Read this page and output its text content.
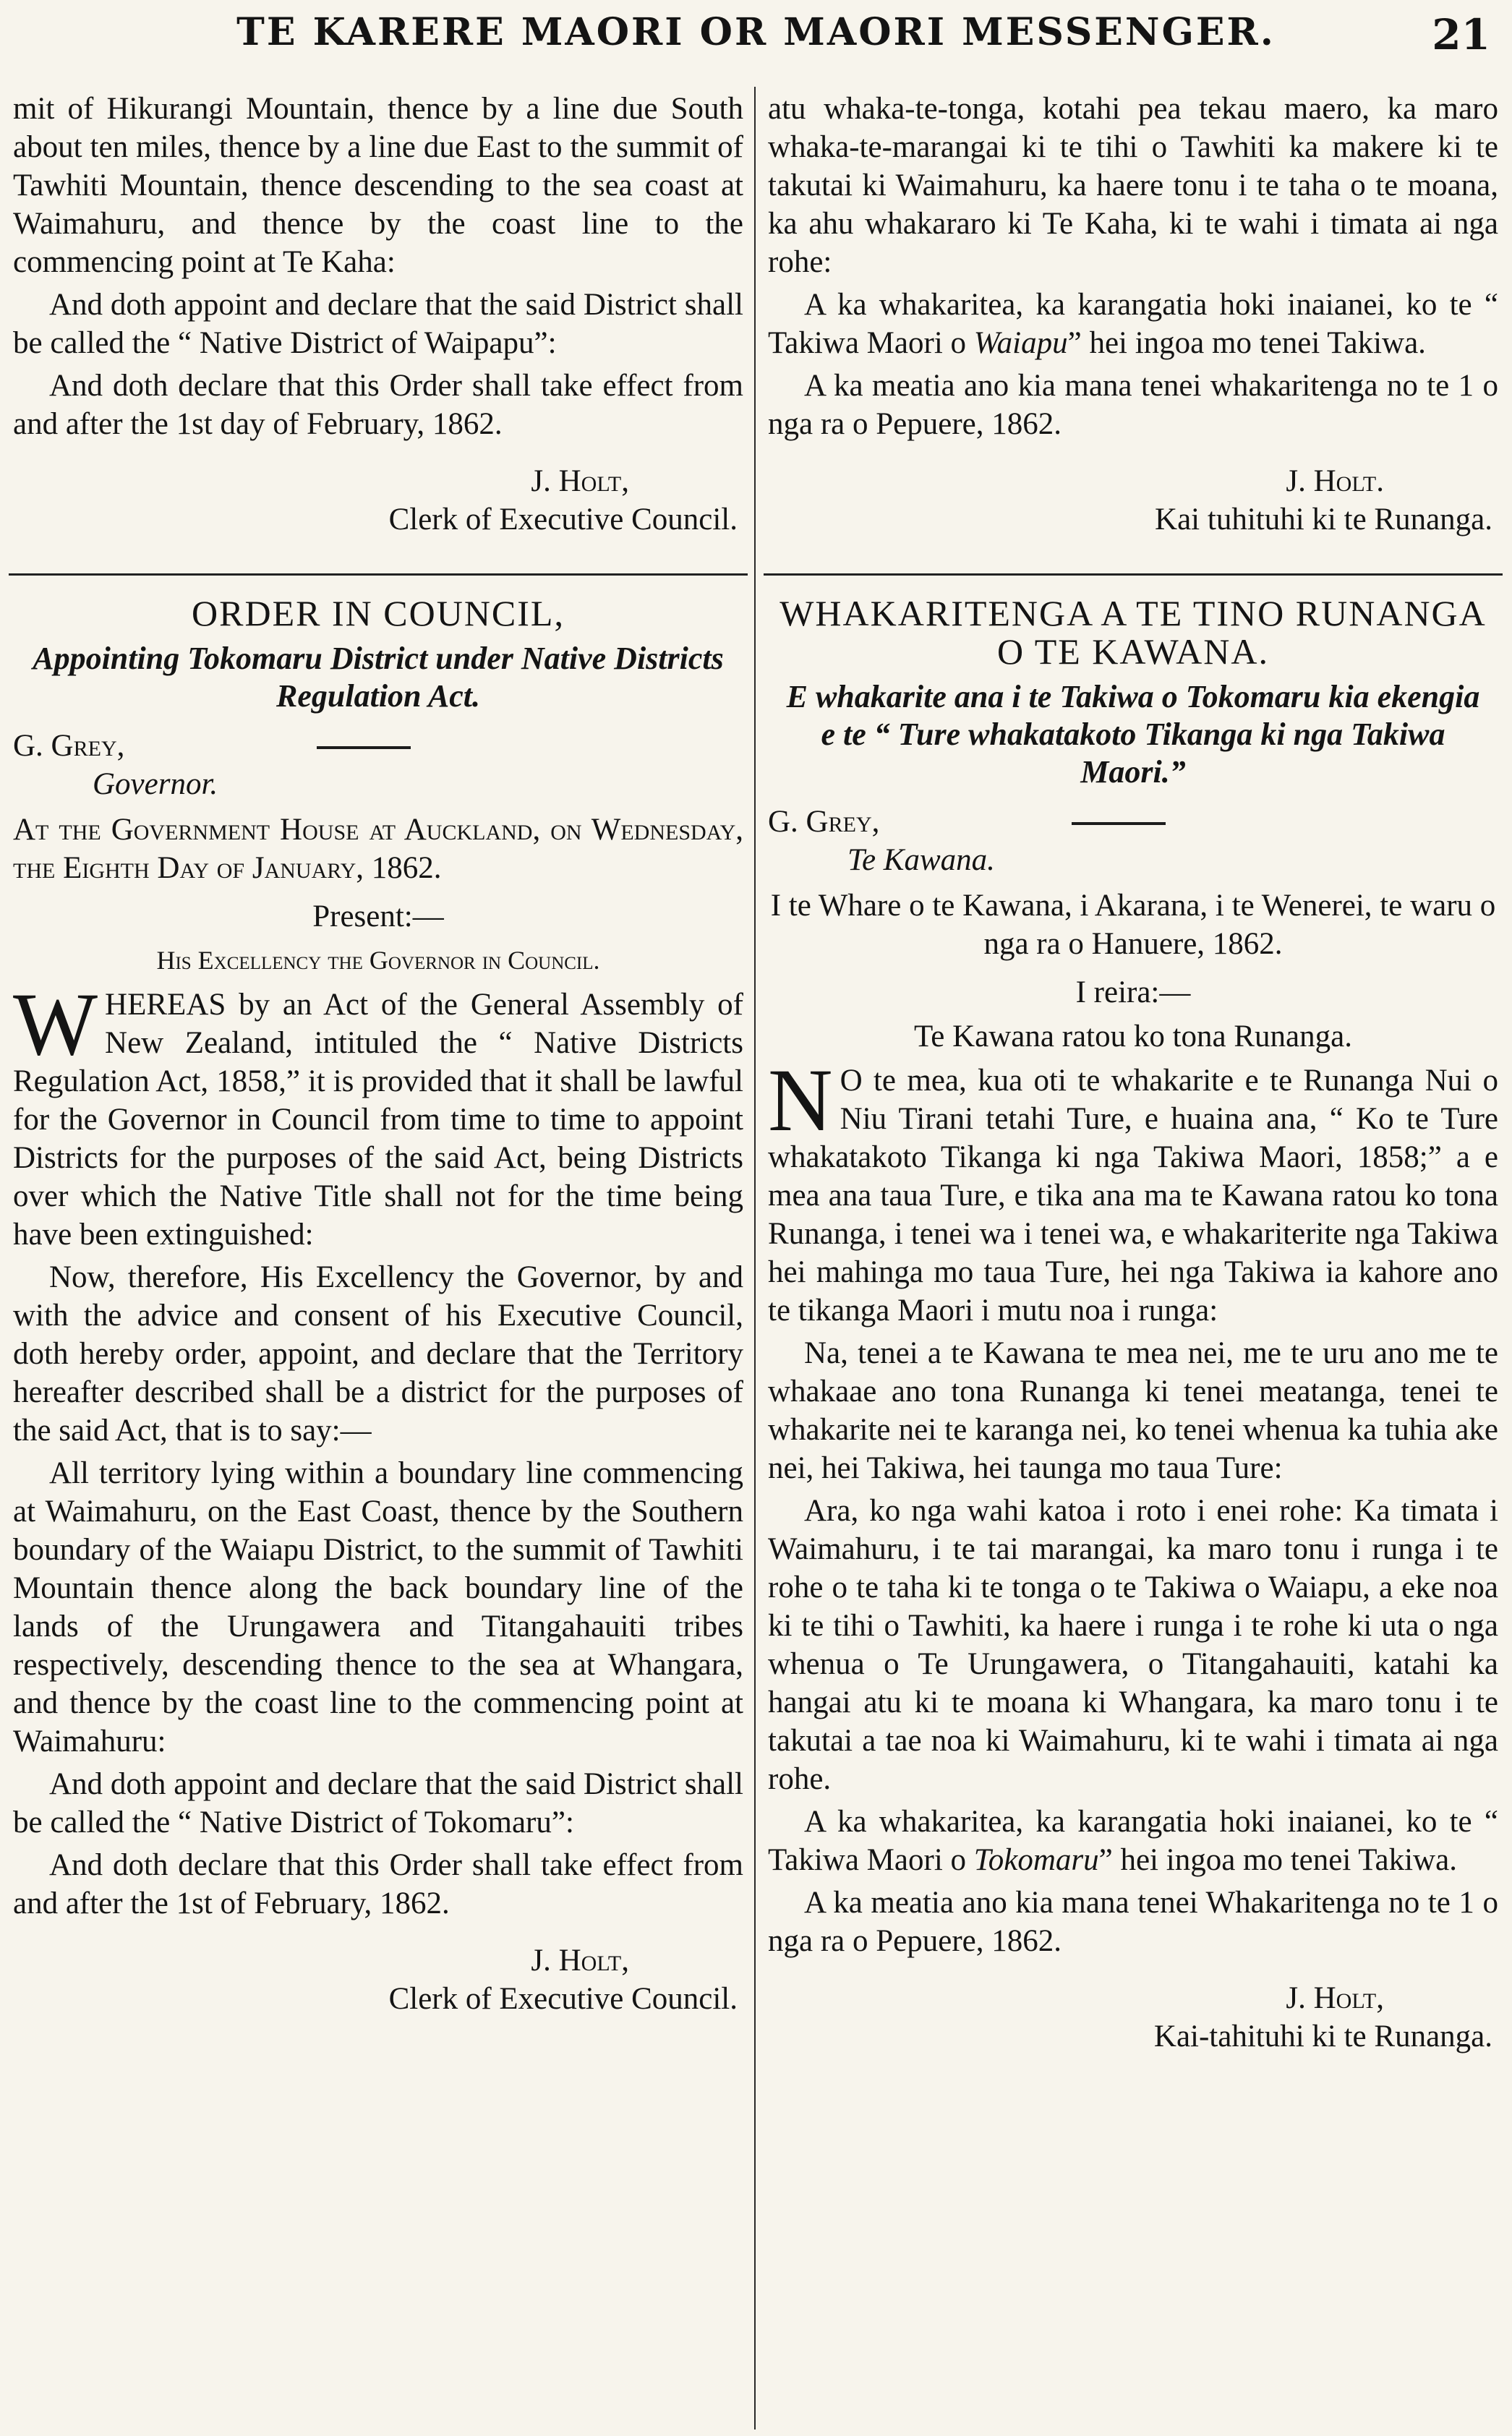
TE KARERE MAORI OR MAORI MESSENGER.	21

mit of Hikurangi Mountain, thence by a line due South about ten miles, thence by a line due East to the summit of Tawhiti Mountain, thence descending to the sea coast at Waimahuru, and thence by the coast line to the commencing point at Te Kaha:

And doth appoint and declare that the said District shall be called the “ Native District of Waipapu”:

And doth declare that this Order shall take effect from and after the 1st day of February, 1862.

J. Holt,
Clerk of Executive Council.
ORDER IN COUNCIL,
Appointing Tokomaru District under Native Districts Regulation Act.
G. Grey,
Governor.
At the Government House at Auckland, on Wednesday, the Eighth Day of January, 1862.
Present:—
His Excellency the Governor in Council.

WHEREAS by an Act of the General Assembly of New Zealand, intituled the “ Native Districts Regulation Act, 1858,” it is provided that it shall be lawful for the Governor in Council from time to time to appoint Districts for the purposes of the said Act, being Districts over which the Native Title shall not for the time being have been extinguished:

Now, therefore, His Excellency the Governor, by and with the advice and consent of his Executive Council, doth hereby order, appoint, and declare that the Territory hereafter described shall be a district for the purposes of the said Act, that is to say:—

All territory lying within a boundary line commencing at Waimahuru, on the East Coast, thence by the Southern boundary of the Waiapu District, to the summit of Tawhiti Mountain thence along the back boundary line of the lands of the Urungawera and Titangahauiti tribes respectively, descending thence to the sea at Whangara, and thence by the coast line to the commencing point at Waimahuru:

And doth appoint and declare that the said District shall be called the “ Native District of Tokomaru”:

And doth declare that this Order shall take effect from and after the 1st of February, 1862.

J. Holt,
Clerk of Executive Council.

atu whaka-te-tonga, kotahi pea tekau maero, ka maro whaka-te-marangai ki te tihi o Tawhiti ka makere ki te takutai ki Waimahuru, ka haere tonu i te taha o te moana, ka ahu whakararo ki Te Kaha, ki te wahi i timata ai nga rohe:

A ka whakaritea, ka karangatia hoki inaianei, ko te “ Takiwa Maori o Waiapu” hei ingoa mo tenei Takiwa.

A ka meatia ano kia mana tenei whakaritenga no te 1 o nga ra o Pepuere, 1862.

J. Holt.
Kai tuhituhi ki te Runanga.
WHAKARITENGA A TE TINO RUNANGA O TE KAWANA.
E whakarite ana i te Takiwa o Tokomaru kia ekengia e te “ Ture whakatakoto Tikanga ki nga Takiwa Maori.”
G. Grey,
Te Kawana.
I te Whare o te Kawana, i Akarana, i te Wenerei, te waru o nga ra o Hanuere, 1862.
I reira:—
Te Kawana ratou ko tona Runanga.

N O te mea, kua oti te whakarite e te Runanga Nui o Niu Tirani tetahi Ture, e huaina ana, “ Ko te Ture whakatakoto Tikanga ki nga Takiwa Maori, 1858;” a e mea ana taua Ture, e tika ana ma te Kawana ratou ko tona Runanga, i tenei wa i tenei wa, e whakariterite nga Takiwa hei mahinga mo taua Ture, hei nga Takiwa ia kahore ano te tikanga Maori i mutu noa i runga:

Na, tenei a te Kawana te mea nei, me te uru ano me te whakaae ano tona Runanga ki tenei meatanga, tenei te whakarite nei te karanga nei, ko tenei whenua ka tuhia ake nei, hei Takiwa, hei taunga mo taua Ture:

Ara, ko nga wahi katoa i roto i enei rohe: Ka timata i Waimahuru, i te tai marangai, ka maro tonu i runga i te rohe o te taha ki te tonga o te Takiwa o Waiapu, a eke noa ki te tihi o Tawhiti, ka haere i runga i te rohe ki uta o nga whenua o Te Urungawera, o Titangahauiti, katahi ka hangai atu ki te moana ki Whangara, ka maro tonu i te takutai a tae noa ki Waimahuru, ki te wahi i timata ai nga rohe.

A ka whakaritea, ka karangatia hoki inaianei, ko te “ Takiwa Maori o Tokomaru” hei ingoa mo tenei Takiwa.

A ka meatia ano kia mana tenei Whakaritenga no te 1 o nga ra o Pepuere, 1862.

J. Holt,
Kai-tahituhi ki te Runanga.
